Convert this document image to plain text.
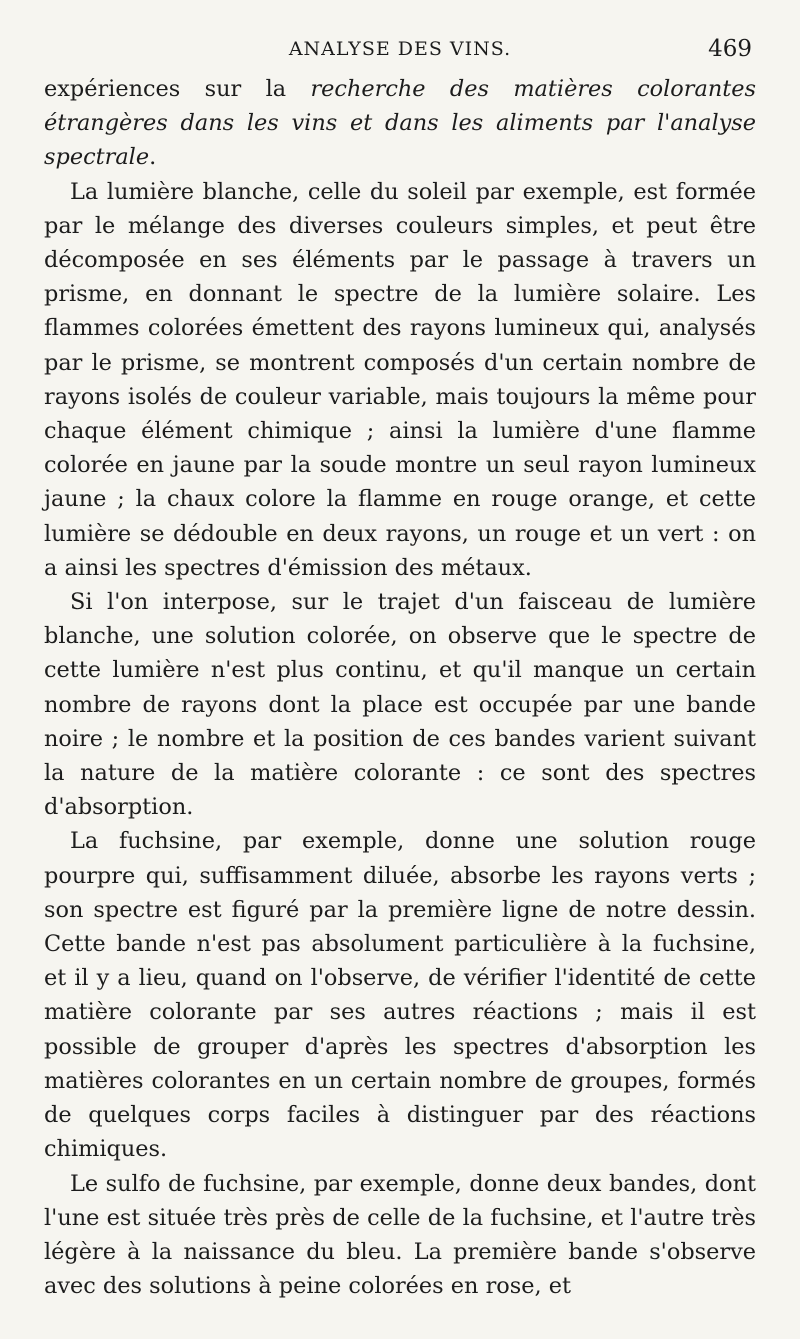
ANALYSE DES VINS.	469

expériences sur la recherche des matières colorantes étrangères dans les vins et dans les aliments par l'analyse spectrale.

La lumière blanche, celle du soleil par exemple, est formée par le mélange des diverses couleurs simples, et peut être décomposée en ses éléments par le passage à travers un prisme, en donnant le spectre de la lumière solaire. Les flammes colorées émettent des rayons lumineux qui, analysés par le prisme, se montrent composés d'un certain nombre de rayons isolés de couleur variable, mais toujours la même pour chaque élément chimique ; ainsi la lumière d'une flamme colorée en jaune par la soude montre un seul rayon lumineux jaune ; la chaux colore la flamme en rouge orange, et cette lumière se dédouble en deux rayons, un rouge et un vert : on a ainsi les spectres d'émission des métaux.

Si l'on interpose, sur le trajet d'un faisceau de lumière blanche, une solution colorée, on observe que le spectre de cette lumière n'est plus continu, et qu'il manque un certain nombre de rayons dont la place est occupée par une bande noire ; le nombre et la position de ces bandes varient suivant la nature de la matière colorante : ce sont des spectres d'absorption.

La fuchsine, par exemple, donne une solution rouge pourpre qui, suffisamment diluée, absorbe les rayons verts ; son spectre est figuré par la première ligne de notre dessin. Cette bande n'est pas absolument particulière à la fuchsine, et il y a lieu, quand on l'observe, de vérifier l'identité de cette matière colorante par ses autres réactions ; mais il est possible de grouper d'après les spectres d'absorption les matières colorantes en un certain nombre de groupes, formés de quelques corps faciles à distinguer par des réactions chimiques.

Le sulfo de fuchsine, par exemple, donne deux bandes, dont l'une est située très près de celle de la fuchsine, et l'autre très légère à la naissance du bleu. La première bande s'observe avec des solutions à peine colorées en rose, et
